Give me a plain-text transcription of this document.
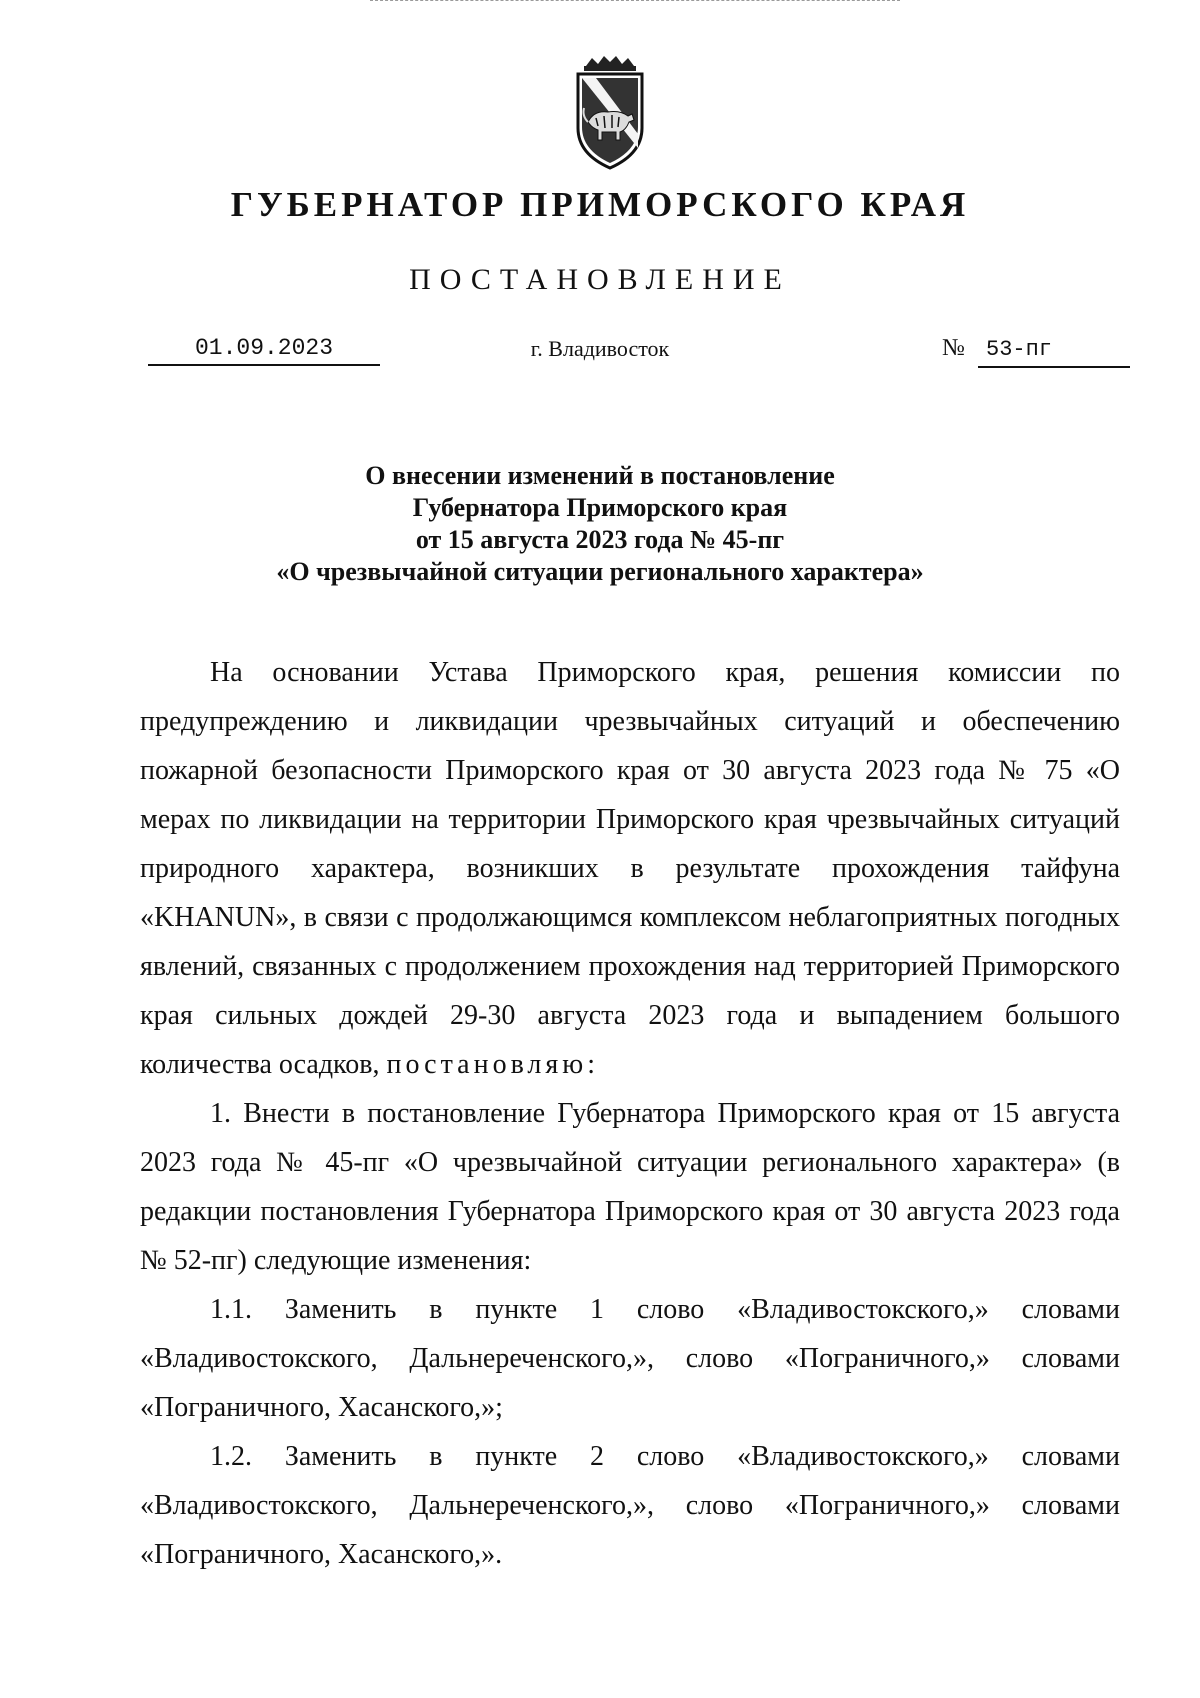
ГУБЕРНАТОР ПРИМОРСКОГО КРАЯ
ПОСТАНОВЛЕНИЕ
01.09.2023	г. Владивосток	№ 53-пг
О внесении изменений в постановление
Губернатора Приморского края
от 15 августа 2023 года № 45-пг
«О чрезвычайной ситуации регионального характера»

На основании Устава Приморского края, решения комиссии по предупреждению и ликвидации чрезвычайных ситуаций и обеспечению пожарной безопасности Приморского края от 30 августа 2023 года № 75 «О мерах по ликвидации на территории Приморского края чрезвычайных ситуаций природного характера, возникших в результате прохождения тайфуна «KHANUN», в связи с продолжающимся комплексом неблагоприятных погодных явлений, связанных с продолжением прохождения над территорией Приморского края сильных дождей 29-30 августа 2023 года и выпадением большого количества осадков, постановляю:

1. Внести в постановление Губернатора Приморского края от 15 августа 2023 года № 45-пг «О чрезвычайной ситуации регионального характера» (в редакции постановления Губернатора Приморского края от 30 августа 2023 года № 52-пг) следующие изменения:

1.1. Заменить в пункте 1 слово «Владивостокского,» словами «Владивостокского, Дальнереченского,», слово «Пограничного,» словами «Пограничного, Хасанского,»;

1.2. Заменить в пункте 2 слово «Владивостокского,» словами «Владивостокского, Дальнереченского,», слово «Пограничного,» словами «Пограничного, Хасанского,».
